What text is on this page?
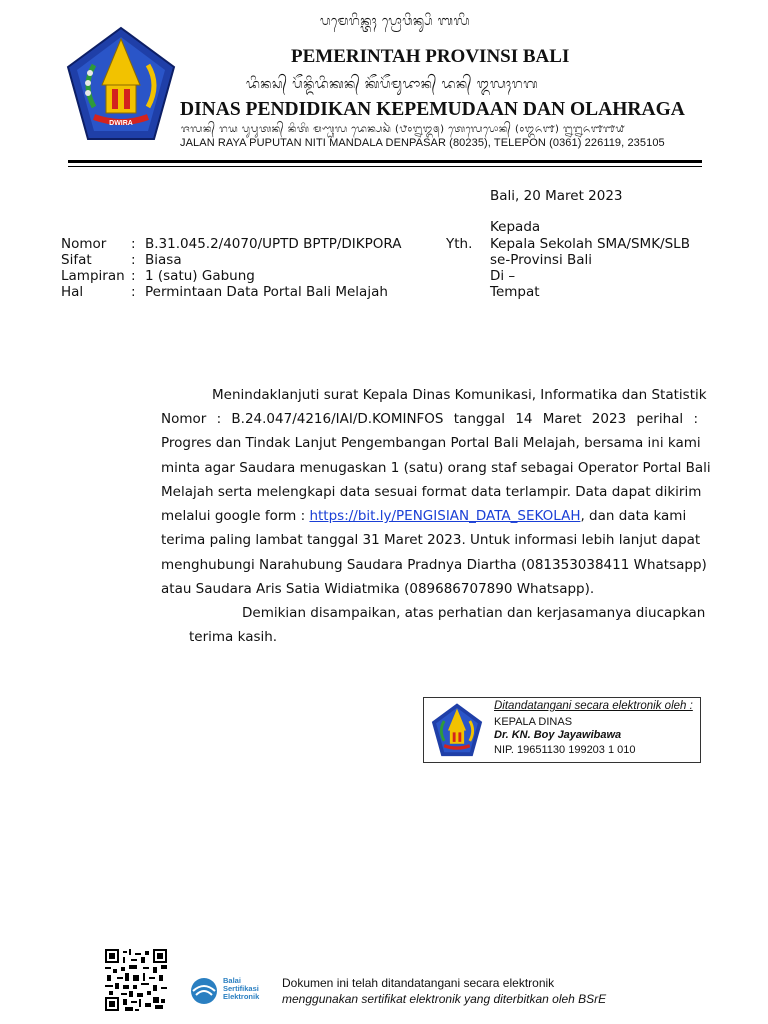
DWIRA
ᬧᬫᬾᬭᬶᬦ᭄ᬢᬄ ᬧ᭄ᬭᭀᬯᬶᬦ᭄ᬲᬶ ᬩᬮᬶ
PEMERINTAH PROVINSI BALI
ᬤᬶᬦᬲ᭄ ᬧᭂᬦ᭄ᬤᬶᬤᬶᬓᬦ᭄ ᬓᭂᬧᭂᬫᬸᬤᬵᬦ᭄ ᬤᬦ᭄ ᬑᬮᬄᬭᬕ
DINAS PENDIDIKAN KEPEMUDAAN DAN OLAHRAGA
ᬚᬮᬦ᭄ ᬭᬬ ᬧᬸᬧᬸᬢᬦ᭄ ᬦᬶᬢᬶ ᬫᬡ᭄ᬟᬮ ᬤᬾᬦ᭄ᬧᬲᬃ (᭘᭐᭒᭓᭕) ᬢᬾᬮᬾᬧᭀᬦ᭄ (᭐᭓᭖᭑) ᭒᭒᭖᭑᭑᭙
JALAN RAYA PUPUTAN NITI MANDALA DENPASAR (80235), TELEPON (0361) 226119, 235105
Bali, 20 Maret 2023
Kepada
Yth. Kepala Sekolah SMA/SMK/SLB
se-Provinsi Bali
Di –
Tempat
Nomor : B.31.045.2/4070/UPTD BPTP/DIKPORA
Sifat	: Biasa
Lampiran : 1 (satu) Gabung
Hal	: Permintaan Data Portal Bali Melajah
Menindaklanjuti surat Kepala Dinas Komunikasi, Informatika dan Statistik
Nomor : B.24.047/4216/IAI/D.KOMINFOS tanggal 14 Maret 2023 perihal :
Progres dan Tindak Lanjut Pengembangan Portal Bali Melajah, bersama ini kami
minta agar Saudara menugaskan 1 (satu) orang staf sebagai Operator Portal Bali
Melajah serta melengkapi data sesuai format data terlampir. Data dapat dikirim
melalui google form : https://bit.ly/PENGISIAN_DATA_SEKOLAH, dan data kami
terima paling lambat tanggal 31 Maret 2023. Untuk informasi lebih lanjut dapat
menghubungi Narahubung Saudara Pradnya Diartha (081353038411 Whatsapp)
atau Saudara Aris Satia Widiatmika (089686707890 Whatsapp).
Demikian disampaikan, atas perhatian dan kerjasamanya diucapkan
terima kasih.
Ditandatangani secara elektronik oleh :
KEPALA DINAS
Dr. KN. Boy Jayawibawa
NIP. 19651130 199203 1 010
Balai
Sertifikasi
Elektronik
Dokumen ini telah ditandatangani secara elektronik
menggunakan sertifikat elektronik yang diterbitkan oleh BSrE
